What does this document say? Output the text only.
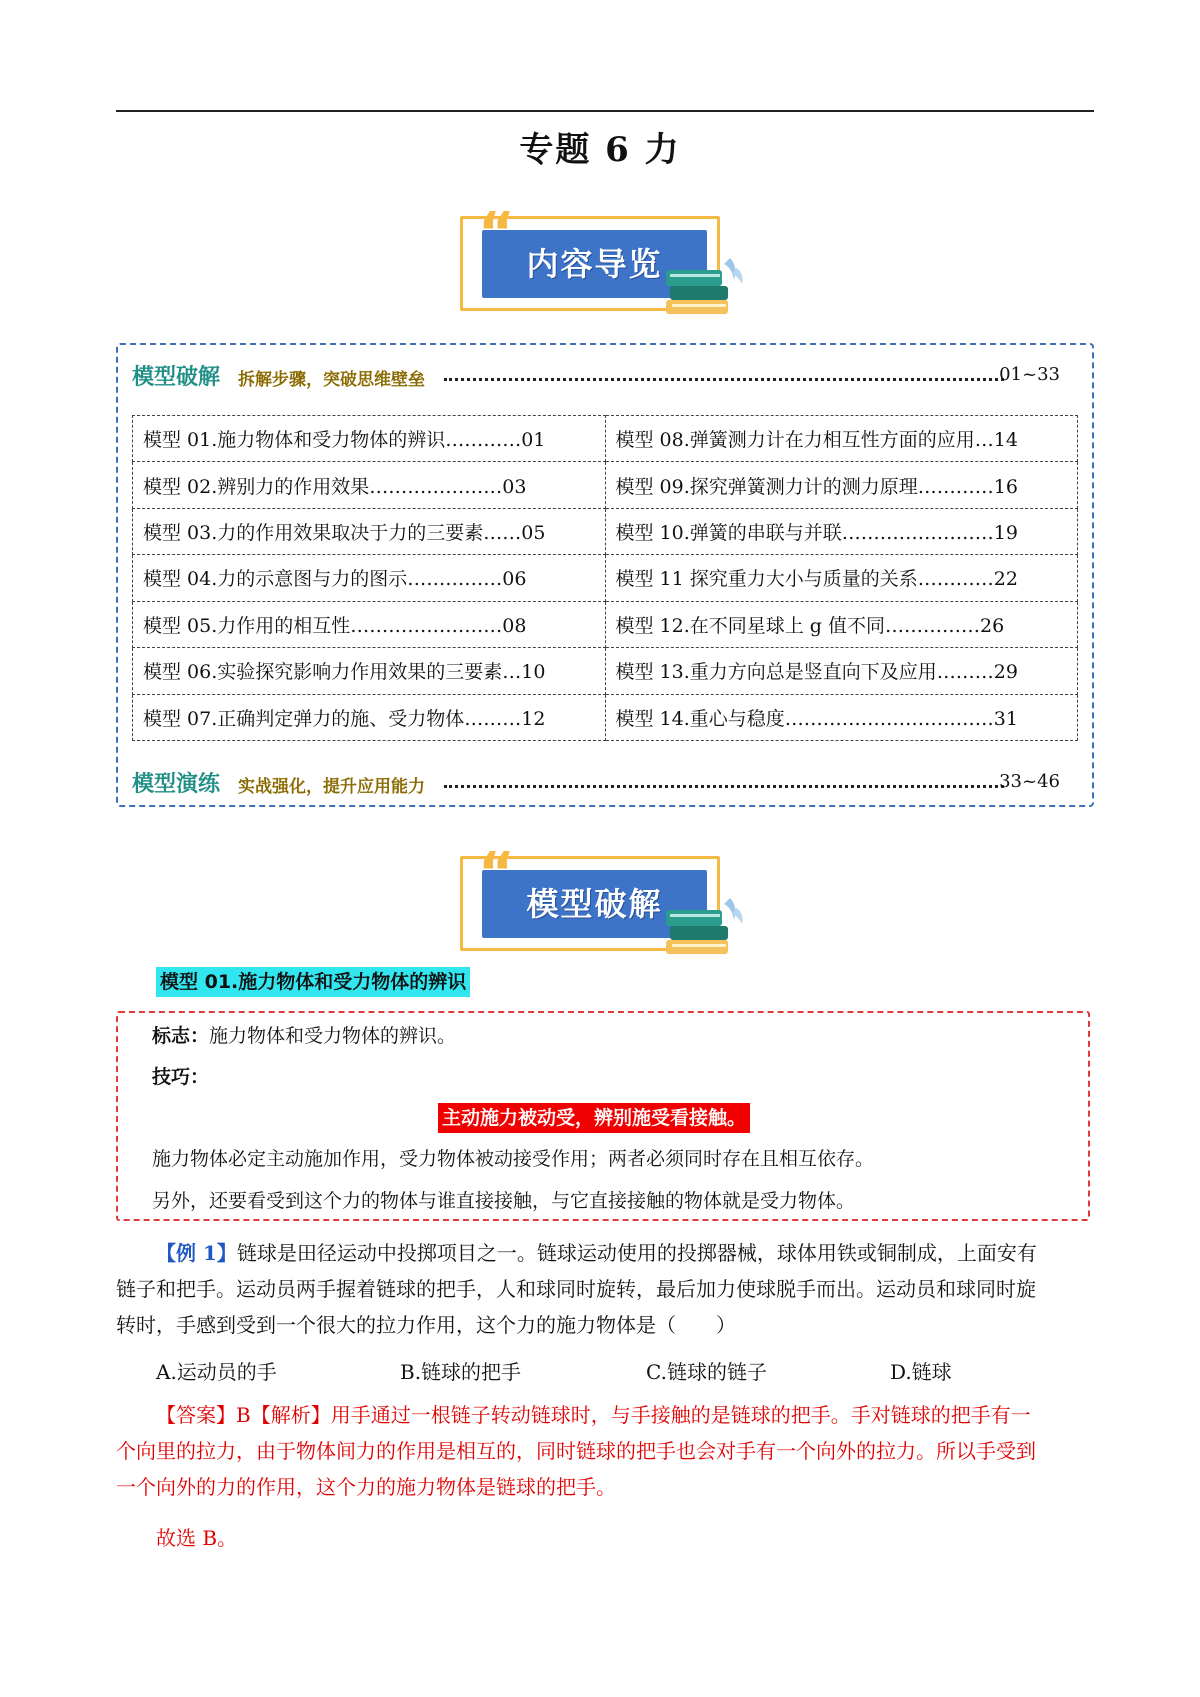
专题 6 力
“ 内容导览
模型破解 拆解步骤，突破思维壁垒	01~33
模型 01.施力物体和受力物体的辨识…………01	模型 08.弹簧测力计在力相互性方面的应用…14
模型 02.辨别力的作用效果…………………03	模型 09.探究弹簧测力计的测力原理…………16
模型 03.力的作用效果取决于力的三要素……05	模型 10.弹簧的串联与并联……………………19
模型 04.力的示意图与力的图示……………06	模型 11 探究重力大小与质量的关系…………22
模型 05.力作用的相互性……………………08	模型 12.在不同星球上 g 值不同……………26
模型 06.实验探究影响力作用效果的三要素…10	模型 13.重力方向总是竖直向下及应用………29
模型 07.正确判定弹力的施、受力物体………12	模型 14.重心与稳度……………………………31
模型演练 实战强化，提升应用能力	33~46
“ 模型破解
模型 01.施力物体和受力物体的辨识
标志：施力物体和受力物体的辨识。
技巧：
主动施力被动受，辨别施受看接触。
施力物体必定主动施加作用，受力物体被动接受作用；两者必须同时存在且相互依存。
另外，还要看受到这个力的物体与谁直接接触，与它直接接触的物体就是受力物体。
【例 1】链球是田径运动中投掷项目之一。链球运动使用的投掷器械，球体用铁或铜制成，上面安有
链子和把手。运动员两手握着链球的把手，人和球同时旋转，最后加力使球脱手而出。运动员和球同时旋
转时，手感到受到一个很大的拉力作用，这个力的施力物体是（　　）
A.运动员的手	B.链球的把手	C.链球的链子	D.链球
【答案】B【解析】用手通过一根链子转动链球时，与手接触的是链球的把手。手对链球的把手有一
个向里的拉力，由于物体间力的作用是相互的，同时链球的把手也会对手有一个向外的拉力。所以手受到
一个向外的力的作用，这个力的施力物体是链球的把手。
故选 B。
